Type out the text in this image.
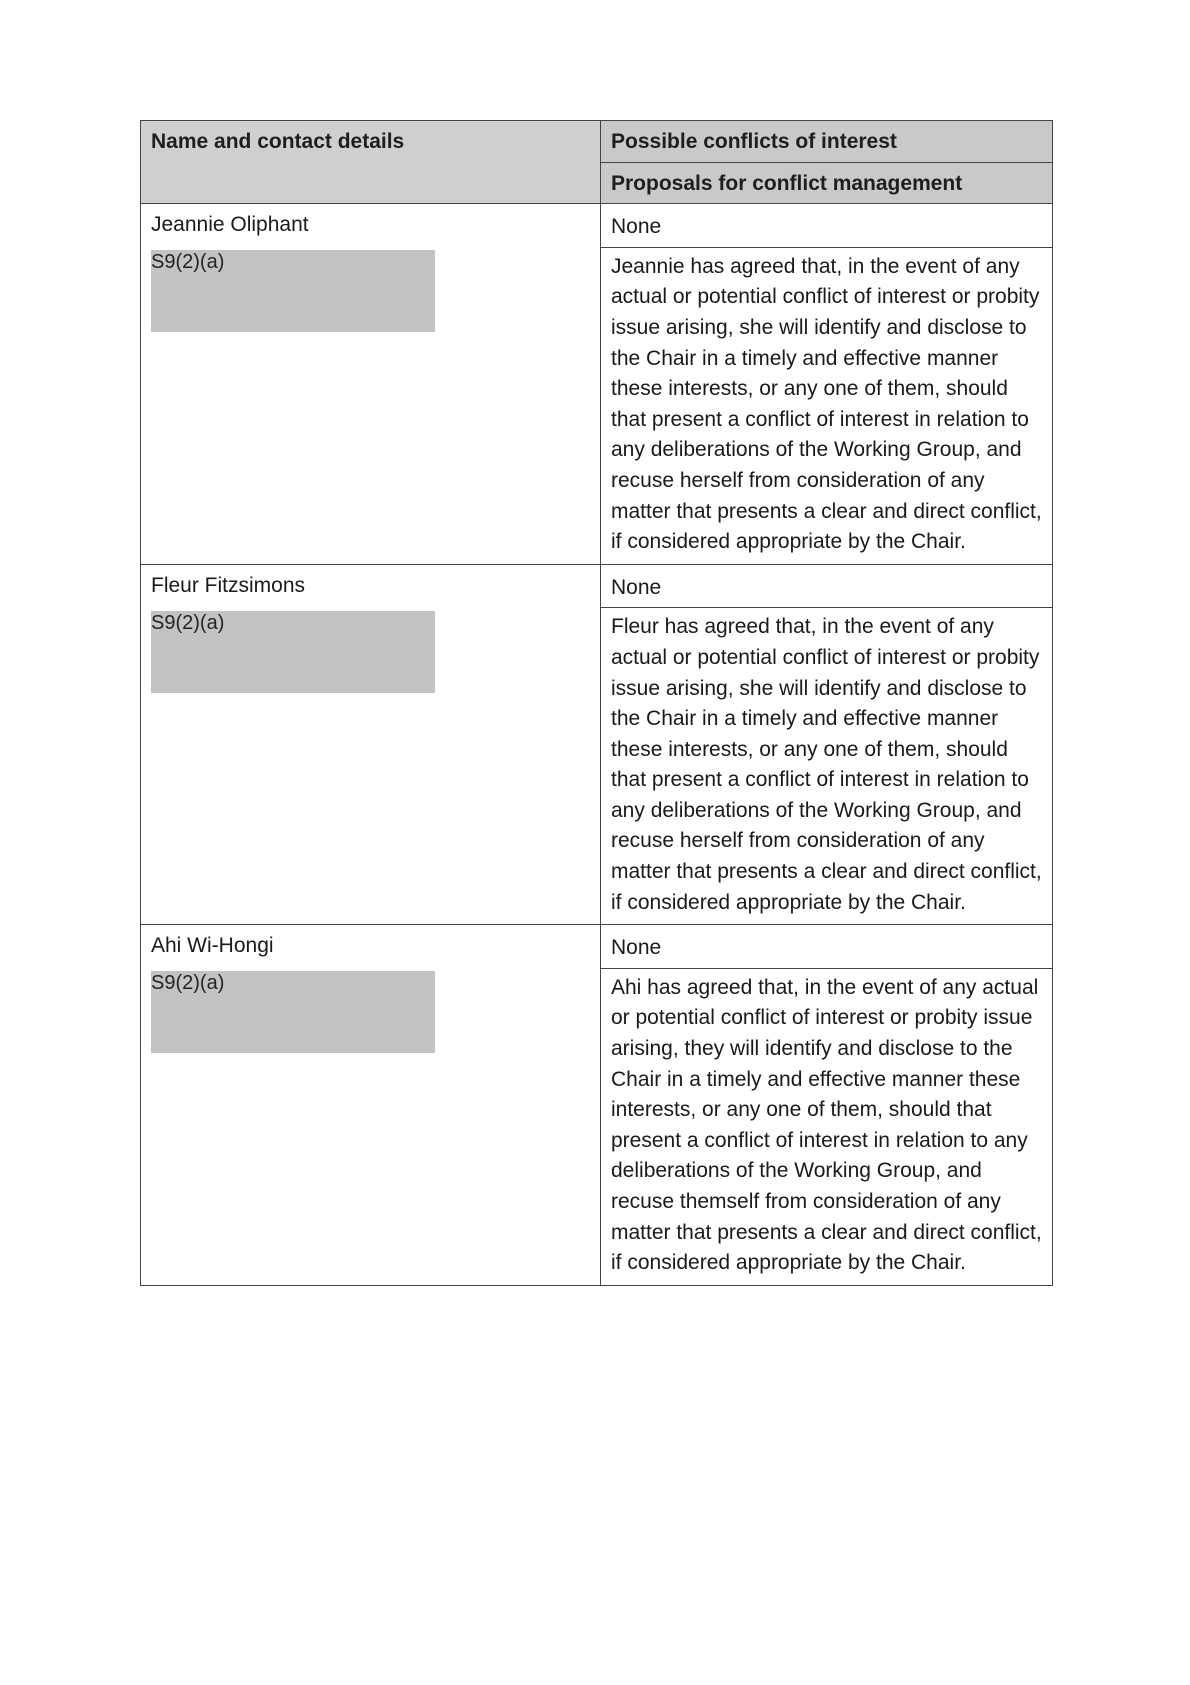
Name and contact details	Possible conflicts of interest
	Proposals for conflict management

Jeannie Oliphant
S9(2)(a)	None
	Jeannie has agreed that, in the event of any actual or potential conflict of interest or probity issue arising, she will identify and disclose to the Chair in a timely and effective manner these interests, or any one of them, should that present a conflict of interest in relation to any deliberations of the Working Group, and recuse herself from consideration of any matter that presents a clear and direct conflict, if considered appropriate by the Chair.

Fleur Fitzsimons
S9(2)(a)	None
	Fleur has agreed that, in the event of any actual or potential conflict of interest or probity issue arising, she will identify and disclose to the Chair in a timely and effective manner these interests, or any one of them, should that present a conflict of interest in relation to any deliberations of the Working Group, and recuse herself from consideration of any matter that presents a clear and direct conflict, if considered appropriate by the Chair.

Ahi Wi-Hongi
S9(2)(a)	None
	Ahi has agreed that, in the event of any actual or potential conflict of interest or probity issue arising, they will identify and disclose to the Chair in a timely and effective manner these interests, or any one of them, should that present a conflict of interest in relation to any deliberations of the Working Group, and recuse themself from consideration of any matter that presents a clear and direct conflict, if considered appropriate by the Chair.
